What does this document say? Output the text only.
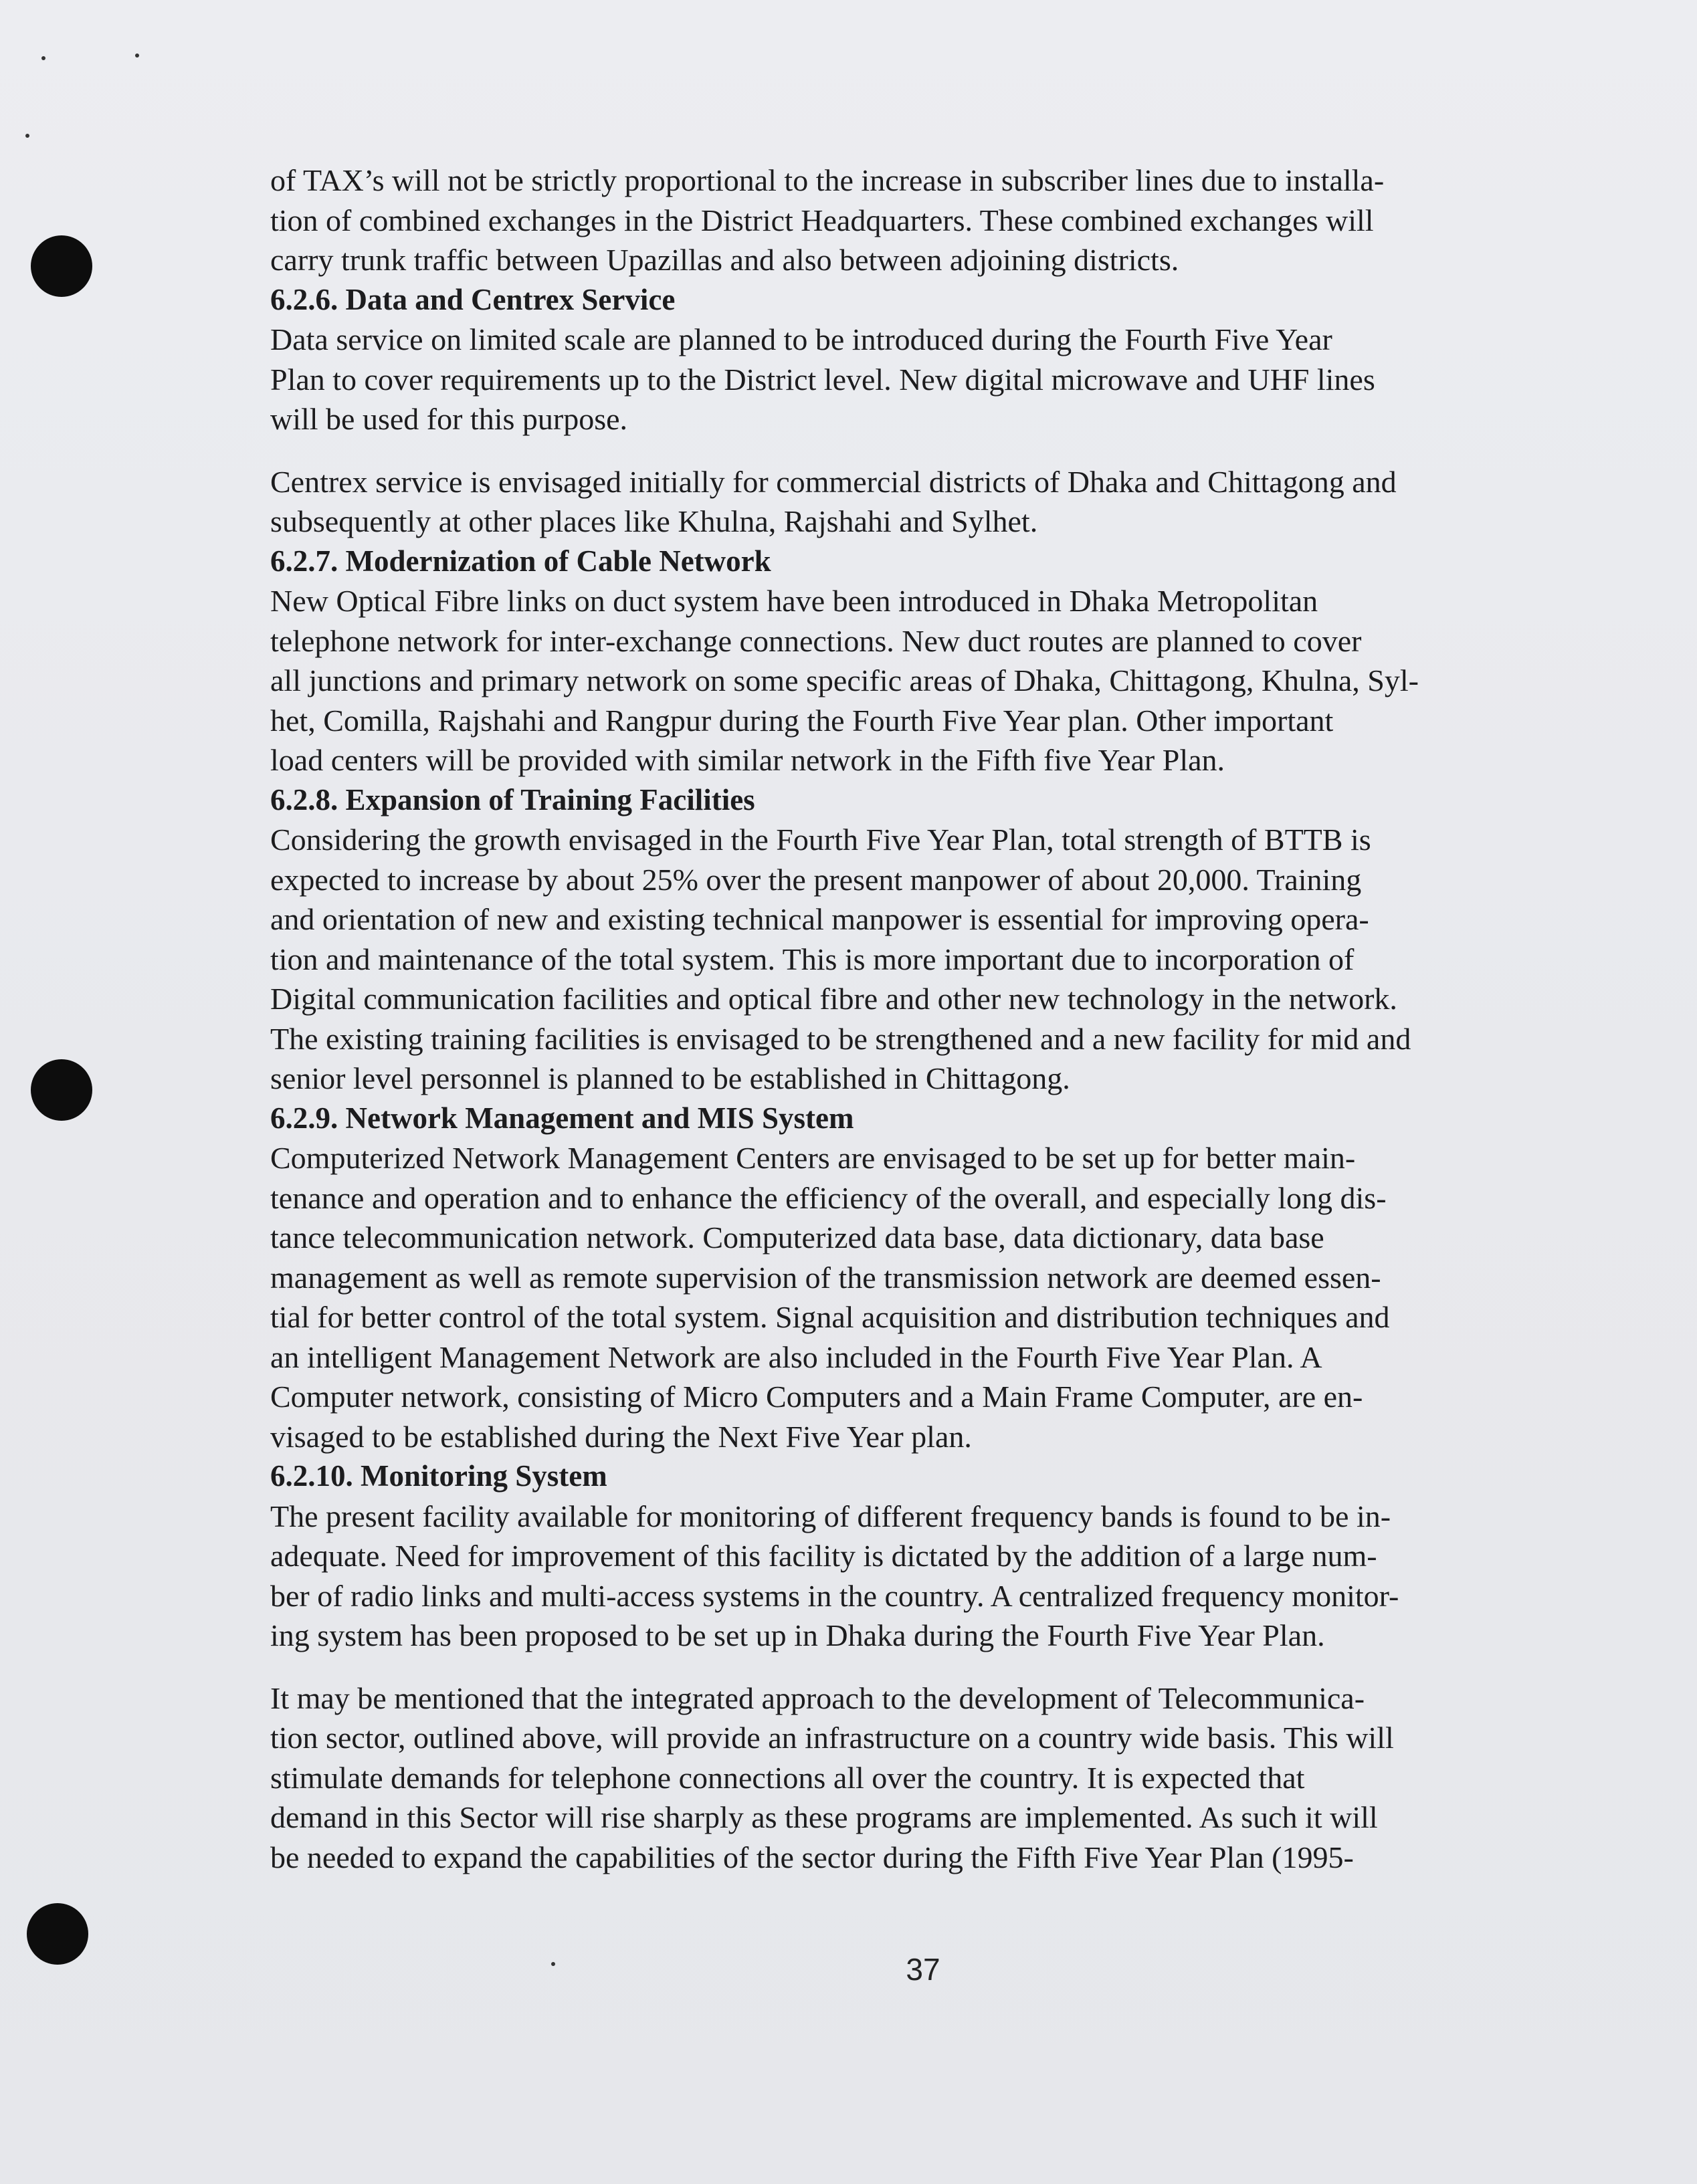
of TAX’s will not be strictly proportional to the increase in subscriber lines due to installa-
tion of combined exchanges in the District Headquarters. These combined exchanges will
carry trunk traffic between Upazillas and also between adjoining districts.
6.2.6. Data and Centrex Service
Data service on limited scale are planned to be introduced during the Fourth Five Year
Plan to cover requirements up to the District level. New digital microwave and UHF lines
will be used for this purpose.
Centrex service is envisaged initially for commercial districts of Dhaka and Chittagong and
subsequently at other places like Khulna, Rajshahi and Sylhet.
6.2.7. Modernization of Cable Network
New Optical Fibre links on duct system have been introduced in Dhaka Metropolitan
telephone network for inter-exchange connections. New duct routes are planned to cover
all junctions and primary network on some specific areas of Dhaka, Chittagong, Khulna, Syl-
het, Comilla, Rajshahi and Rangpur during the Fourth Five Year plan. Other important
load centers will be provided with similar network in the Fifth five Year Plan.
6.2.8. Expansion of Training Facilities
Considering the growth envisaged in the Fourth Five Year Plan, total strength of BTTB is
expected to increase by about 25% over the present manpower of about 20,000. Training
and orientation of new and existing technical manpower is essential for improving opera-
tion and maintenance of the total system. This is more important due to incorporation of
Digital communication facilities and optical fibre and other new technology in the network.
The existing training facilities is envisaged to be strengthened and a new facility for mid and
senior level personnel is planned to be established in Chittagong.
6.2.9. Network Management and MIS System
Computerized Network Management Centers are envisaged to be set up for better main-
tenance and operation and to enhance the efficiency of the overall, and especially long dis-
tance telecommunication network. Computerized data base, data dictionary, data base
management as well as remote supervision of the transmission network are deemed essen-
tial for better control of the total system. Signal acquisition and distribution techniques and
an intelligent Management Network are also included in the Fourth Five Year Plan. A
Computer network, consisting of Micro Computers and a Main Frame Computer, are en-
visaged to be established during the Next Five Year plan.
6.2.10. Monitoring System
The present facility available for monitoring of different frequency bands is found to be in-
adequate. Need for improvement of this facility is dictated by the addition of a large num-
ber of radio links and multi-access systems in the country. A centralized frequency monitor-
ing system has been proposed to be set up in Dhaka during the Fourth Five Year Plan.
It may be mentioned that the integrated approach to the development of Telecommunica-
tion sector, outlined above, will provide an infrastructure on a country wide basis. This will
stimulate demands for telephone connections all over the country. It is expected that
demand in this Sector will rise sharply as these programs are implemented. As such it will
be needed to expand the capabilities of the sector during the Fifth Five Year Plan (1995-
37
